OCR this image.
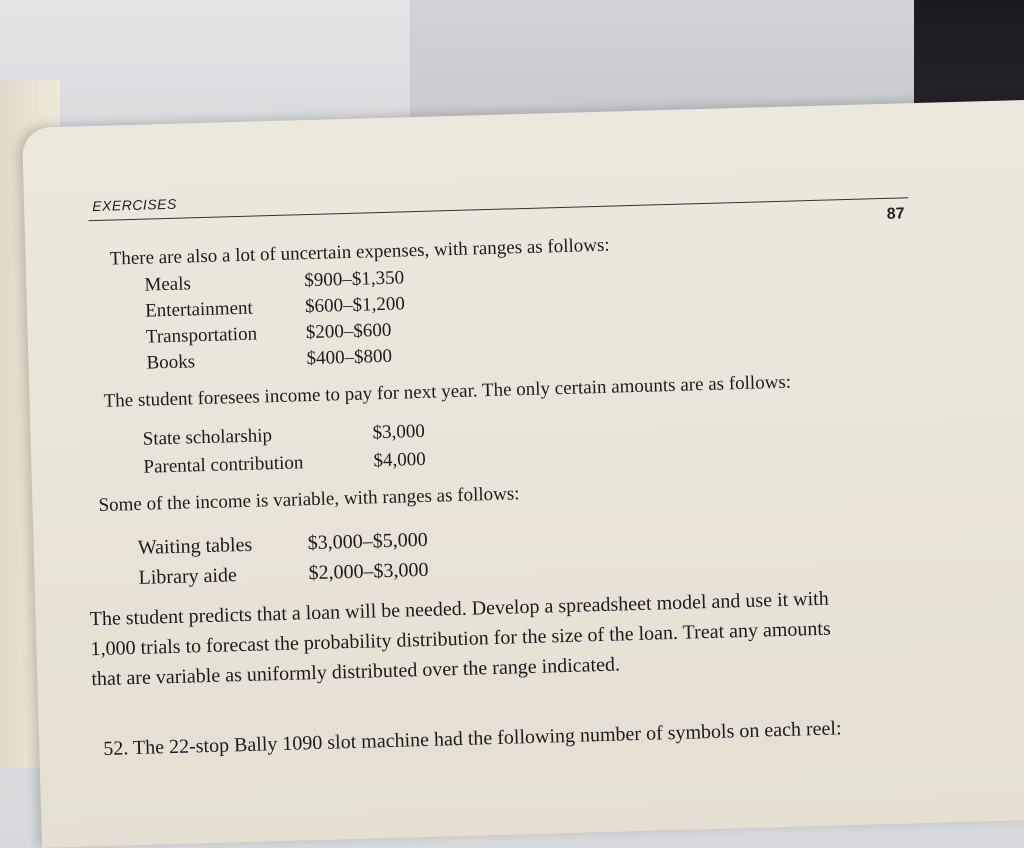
EXERCISES
87
There are also a lot of uncertain expenses, with ranges as follows:
Meals	$900–$1,350
Entertainment	$600–$1,200
Transportation	$200–$600
Books	$400–$800
The student foresees income to pay for next year. The only certain amounts are as follows:
State scholarship	$3,000
Parental contribution	$4,000
Some of the income is variable, with ranges as follows:
Waiting tables	$3,000–$5,000
Library aide	$2,000–$3,000
The student predicts that a loan will be needed. Develop a spreadsheet model and use it with
1,000 trials to forecast the probability distribution for the size of the loan. Treat any amounts
that are variable as uniformly distributed over the range indicated.
52. The 22-stop Bally 1090 slot machine had the following number of symbols on each reel:
